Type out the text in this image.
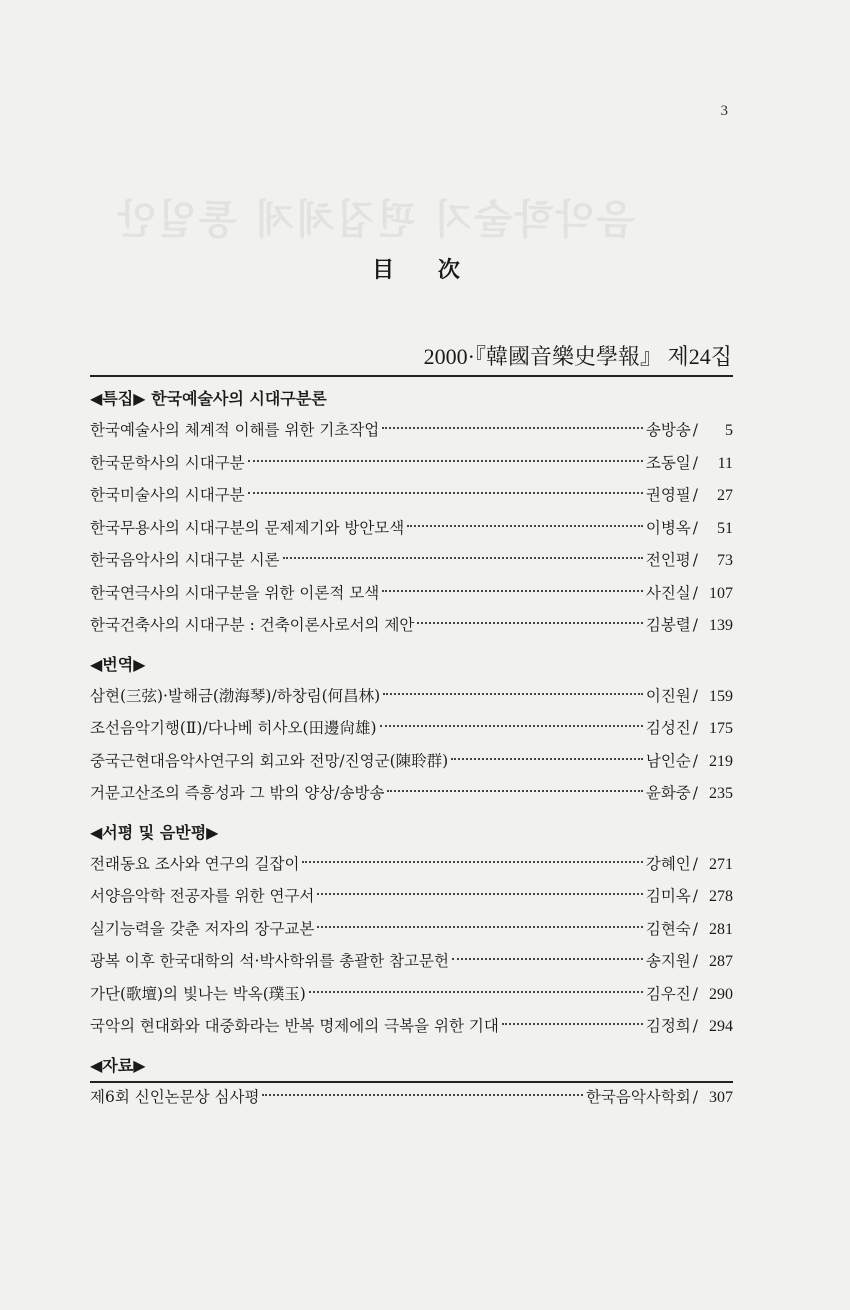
3
음악학술지 편집체제 통일안
目 次
2000·『韓國音樂史學報』 제24집
◀특집▶ 한국예술사의 시대구분론
한국예술사의 체계적 이해를 위한 기초작업	송방송 /	5
한국문학사의 시대구분	조동일 /	11
한국미술사의 시대구분	권영필 /	27
한국무용사의 시대구분의 문제제기와 방안모색	이병옥 /	51
한국음악사의 시대구분 시론	전인평 /	73
한국연극사의 시대구분을 위한 이론적 모색	사진실 / 107
한국건축사의 시대구분 : 건축이론사로서의 제안	김봉렬 / 139
◀번역▶
삼현(三弦)·발해금(渤海琴)/하창림(何昌林)	이진원 / 159
조선음악기행(Ⅱ)/다나베 히사오(田邊尙雄)	김성진 / 175
중국근현대음악사연구의 회고와 전망/진영군(陳聆群)	남인순 / 219
거문고산조의 즉흥성과 그 밖의 양상/송방송	윤화중 / 235
◀서평 및 음반평▶
전래동요 조사와 연구의 길잡이	강혜인 / 271
서양음악학 전공자를 위한 연구서	김미옥 / 278
실기능력을 갖춘 저자의 장구교본	김현숙 / 281
광복 이후 한국대학의 석·박사학위를 총괄한 참고문헌	송지원 / 287
가단(歌壇)의 빛나는 박옥(璞玉)	김우진 / 290
국악의 현대화와 대중화라는 반복 명제에의 극복을 위한 기대	김정희 / 294
◀자료▶
제6회 신인논문상 심사평	한국음악사학회 / 307
